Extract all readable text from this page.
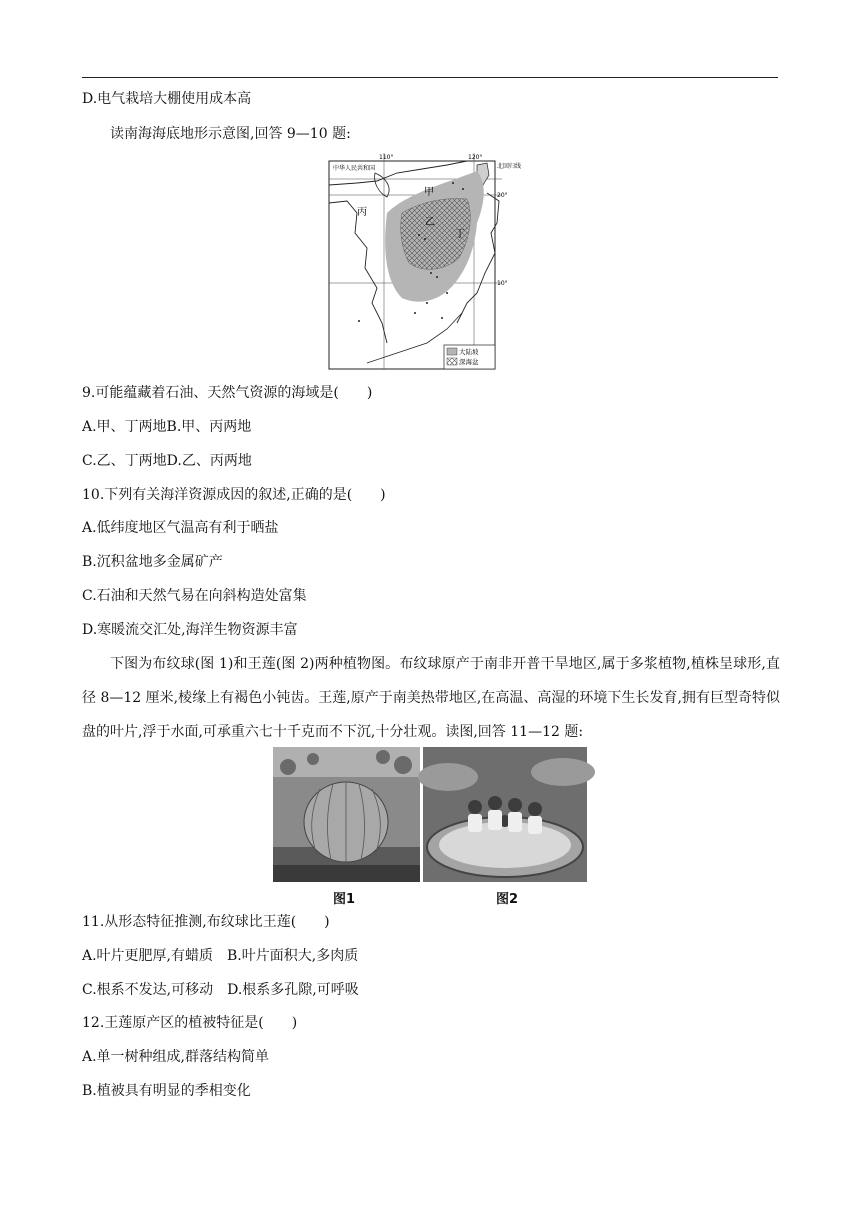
D.电气栽培大棚使用成本高
读南海海底地形示意图,回答 9—10 题:
110°	120°
北回归线
20°
10°
中华人民共和国
甲
乙
丙
丁
大陆坡
深海盆
9.可能蕴藏着石油、天然气资源的海域是(　　)
A.甲、丁两地B.甲、丙两地
C.乙、丁两地D.乙、丙两地
10.下列有关海洋资源成因的叙述,正确的是(　　)
A.低纬度地区气温高有利于晒盐
B.沉积盆地多金属矿产
C.石油和天然气易在向斜构造处富集
D.寒暖流交汇处,海洋生物资源丰富
下图为布纹球(图 1)和王莲(图 2)两种植物图。布纹球原产于南非开普干旱地区,属于多浆植物,植株呈球形,直径 8—12 厘米,棱缘上有褐色小钝齿。王莲,原产于南美热带地区,在高温、高湿的环境下生长发育,拥有巨型奇特似盘的叶片,浮于水面,可承重六七十千克而不下沉,十分壮观。读图,回答 11—12 题:
图1	图2
11.从形态特征推测,布纹球比王莲(　　)
A.叶片更肥厚,有蜡质　B.叶片面积大,多肉质
C.根系不发达,可移动　D.根系多孔隙,可呼吸
12.王莲原产区的植被特征是(　　)
A.单一树种组成,群落结构简单
B.植被具有明显的季相变化
